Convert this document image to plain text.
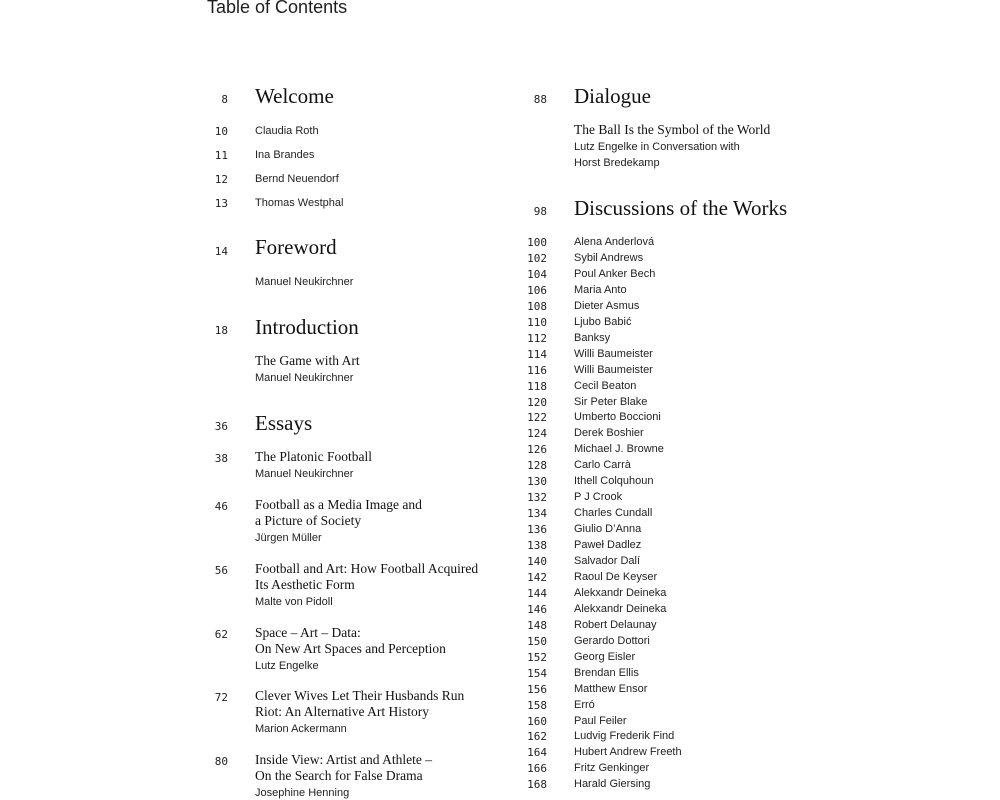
Table of Contents
8 Welcome
10 Claudia Roth
11 Ina Brandes
12 Bernd Neuendorf
13 Thomas Westphal
14 Foreword
Manuel Neukirchner
18 Introduction
The Game with Art
Manuel Neukirchner
36 Essays
38 The Platonic Football
Manuel Neukirchner
46 Football as a Media Image and
a Picture of Society
Jürgen Müller
56 Football and Art: How Football Acquired
Its Aesthetic Form
Malte von Pidoll
62 Space – Art – Data:
On New Art Spaces and Perception
Lutz Engelke
72 Clever Wives Let Their Husbands Run
Riot: An Alternative Art History
Marion Ackermann
80 Inside View: Artist and Athlete –
On the Search for False Drama
Josephine Henning
88 Dialogue
The Ball Is the Symbol of the World
Lutz Engelke in Conversation with
Horst Bredekamp
98 Discussions of the Works
100 Alena Anderlová
102 Sybil Andrews
104 Poul Anker Bech
106 Maria Anto
108 Dieter Asmus
110 Ljubo Babić
112 Banksy
114 Willi Baumeister
116 Willi Baumeister
118 Cecil Beaton
120 Sir Peter Blake
122 Umberto Boccioni
124 Derek Boshier
126 Michael J. Browne
128 Carlo Carrà
130 Ithell Colquhoun
132 P J Crook
134 Charles Cundall
136 Giulio D’Anna
138 Paweł Dadlez
140 Salvador Dalí
142 Raoul De Keyser
144 Alekxandr Deineka
146 Alekxandr Deineka
148 Robert Delaunay
150 Gerardo Dottori
152 Georg Eisler
154 Brendan Ellis
156 Matthew Ensor
158 Erró
160 Paul Feiler
162 Ludvig Frederik Find
164 Hubert Andrew Freeth
166 Fritz Genkinger
168 Harald Giersing
